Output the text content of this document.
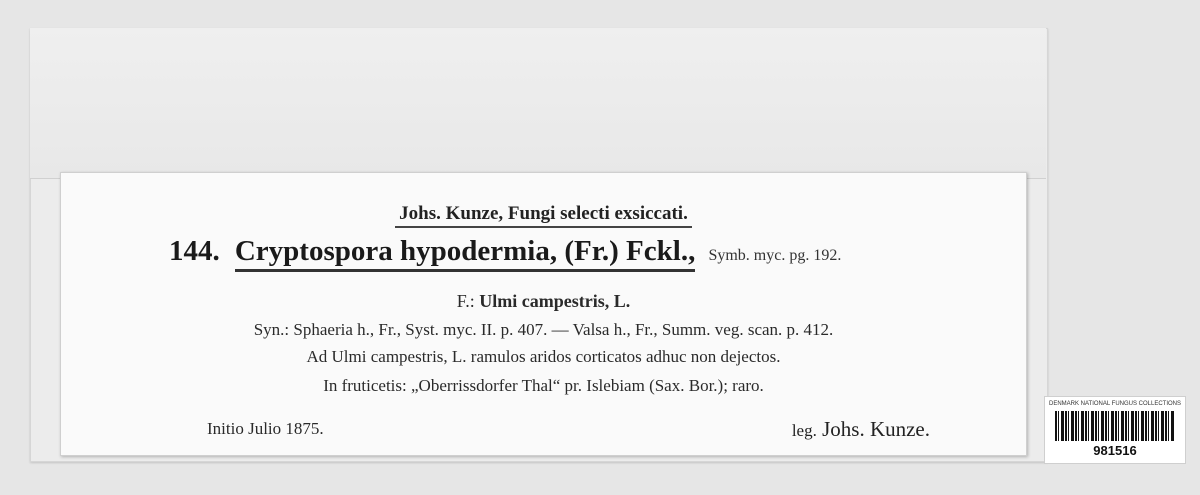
Johs. Kunze, Fungi selecti exsiccati.
144. Cryptospora hypodermia, (Fr.) Fckl., Symb. myc. pg. 192.
F.: Ulmi campestris, L.
Syn.: Sphaeria h., Fr., Syst. myc. II. p. 407. — Valsa h., Fr., Summ. veg. scan. p. 412.
Ad Ulmi campestris, L. ramulos aridos corticatos adhuc non dejectos.
In fruticetis: „Oberrissdorfer Thal“ pr. Islebiam (Sax. Bor.); raro.
Initio Julio 1875.	leg. Johs. Kunze.
DENMARK NATIONAL FUNGUS COLLECTIONS
981516
